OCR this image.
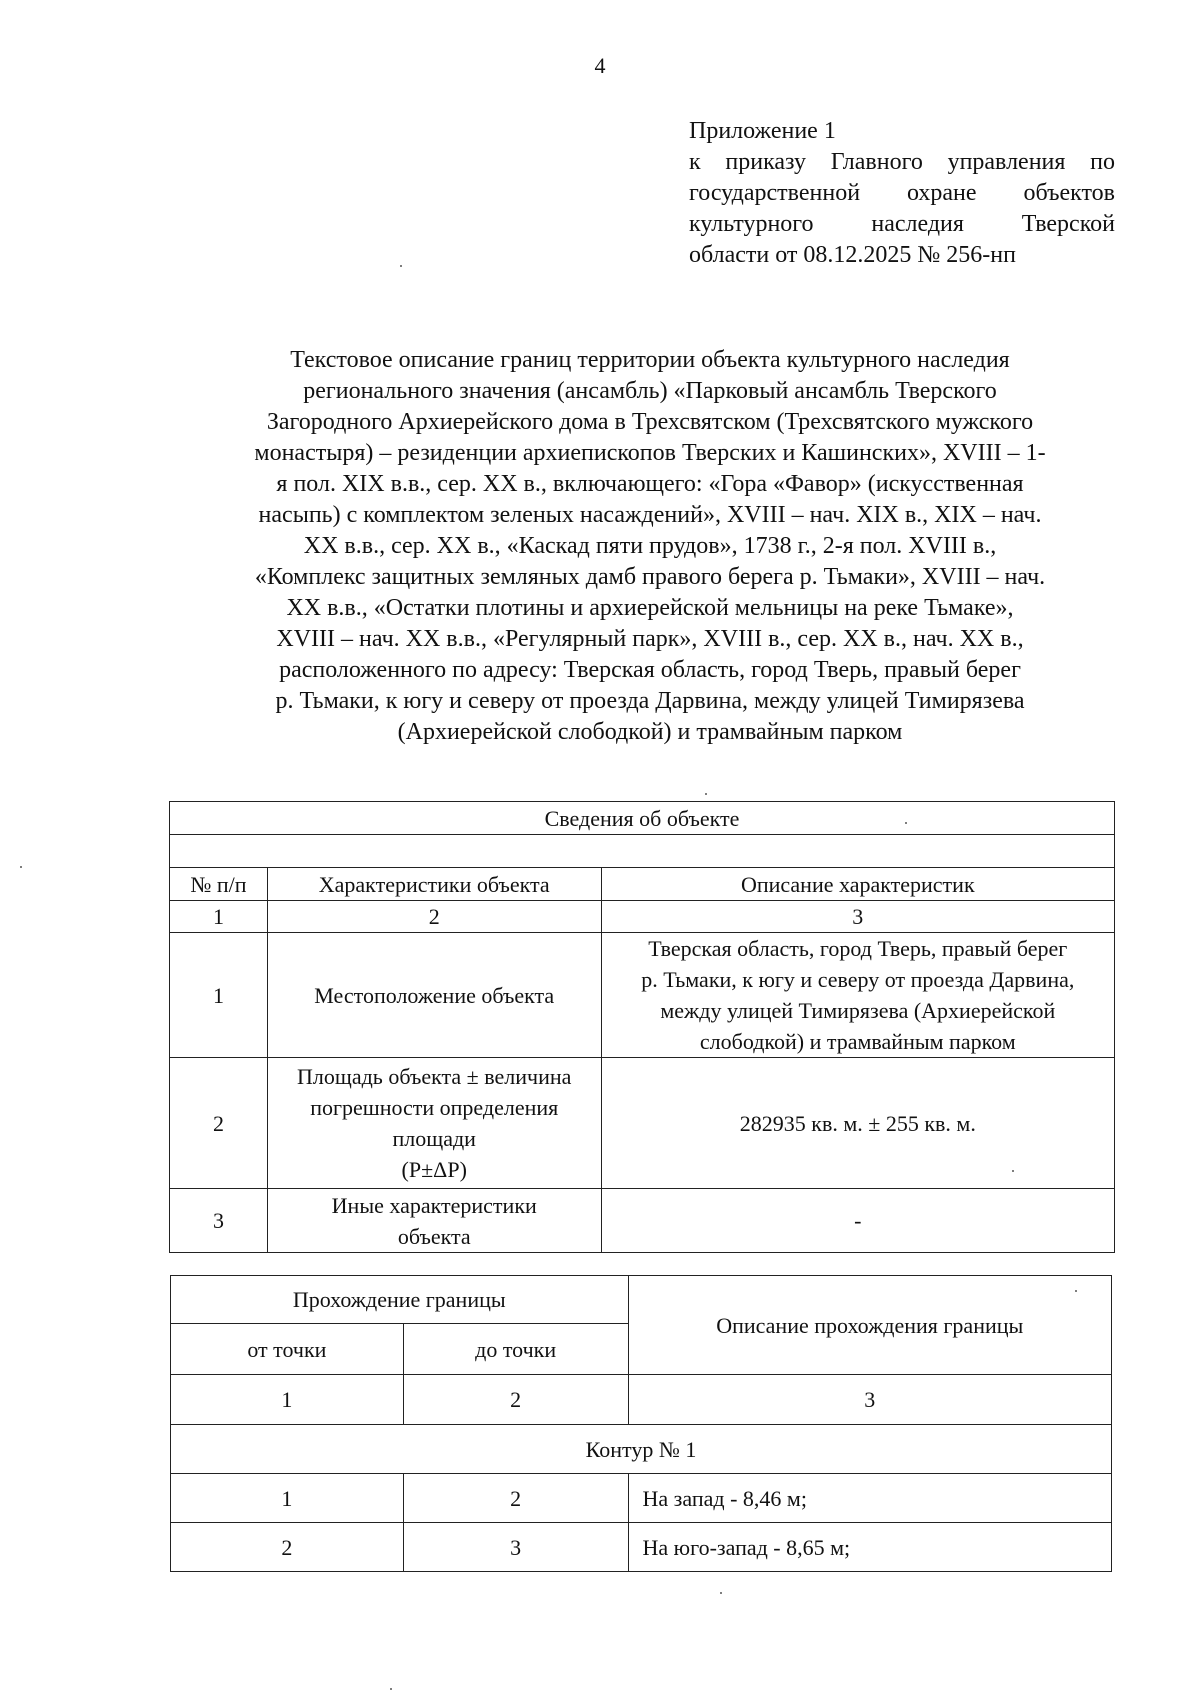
4
Приложение 1
к приказу Главного управления по
государственной охране объектов
культурного наследия Тверской
области от 08.12.2025 № 256-нп
Текстовое описание границ территории объекта культурного наследия
регионального значения (ансамбль) «Парковый ансамбль Тверского
Загородного Архиерейского дома в Трехсвятском (Трехсвятского мужского
монастыря) – резиденции архиепископов Тверских и Кашинских», XVIII – 1-
я пол. XIX в.в., сер. XX в., включающего: «Гора «Фавор» (искусственная
насыпь) с комплектом зеленых насаждений», XVIII – нач. XIX в., XIX – нач.
XX в.в., сер. XX в., «Каскад пяти прудов», 1738 г., 2-я пол. XVIII в.,
«Комплекс защитных земляных дамб правого берега р. Тьмаки», XVIII – нач.
XX в.в., «Остатки плотины и архиерейской мельницы на реке Тьмаке»,
XVIII – нач. XX в.в., «Регулярный парк», XVIII в., сер. XX в., нач. XX в.,
расположенного по адресу: Тверская область, город Тверь, правый берег
р. Тьмаки, к югу и северу от проезда Дарвина, между улицей Тимирязева
(Архиерейской слободкой) и трамвайным парком
Сведения об объекте		

№ п/п	Характеристики объекта	Описание характеристик
1	2	3
1	Местоположение объекта	Тверская область, город Тверь, правый берег
р. Тьмаки, к югу и северу от проезда Дарвина,
между улицей Тимирязева (Архиерейской
слободкой) и трамвайным парком

2	Площадь объекта ± величина
погрешности определения
площади
(P±ΔP)	282935 кв. м. ± 255 кв. м.

3	Иные характеристики
объекта	-
Прохождение границы		Описание прохождения границы
от точки	до точки	
1	2	3
Контур № 1		
1	2	На запад - 8,46 м;
2	3	На юго-запад - 8,65 м;
